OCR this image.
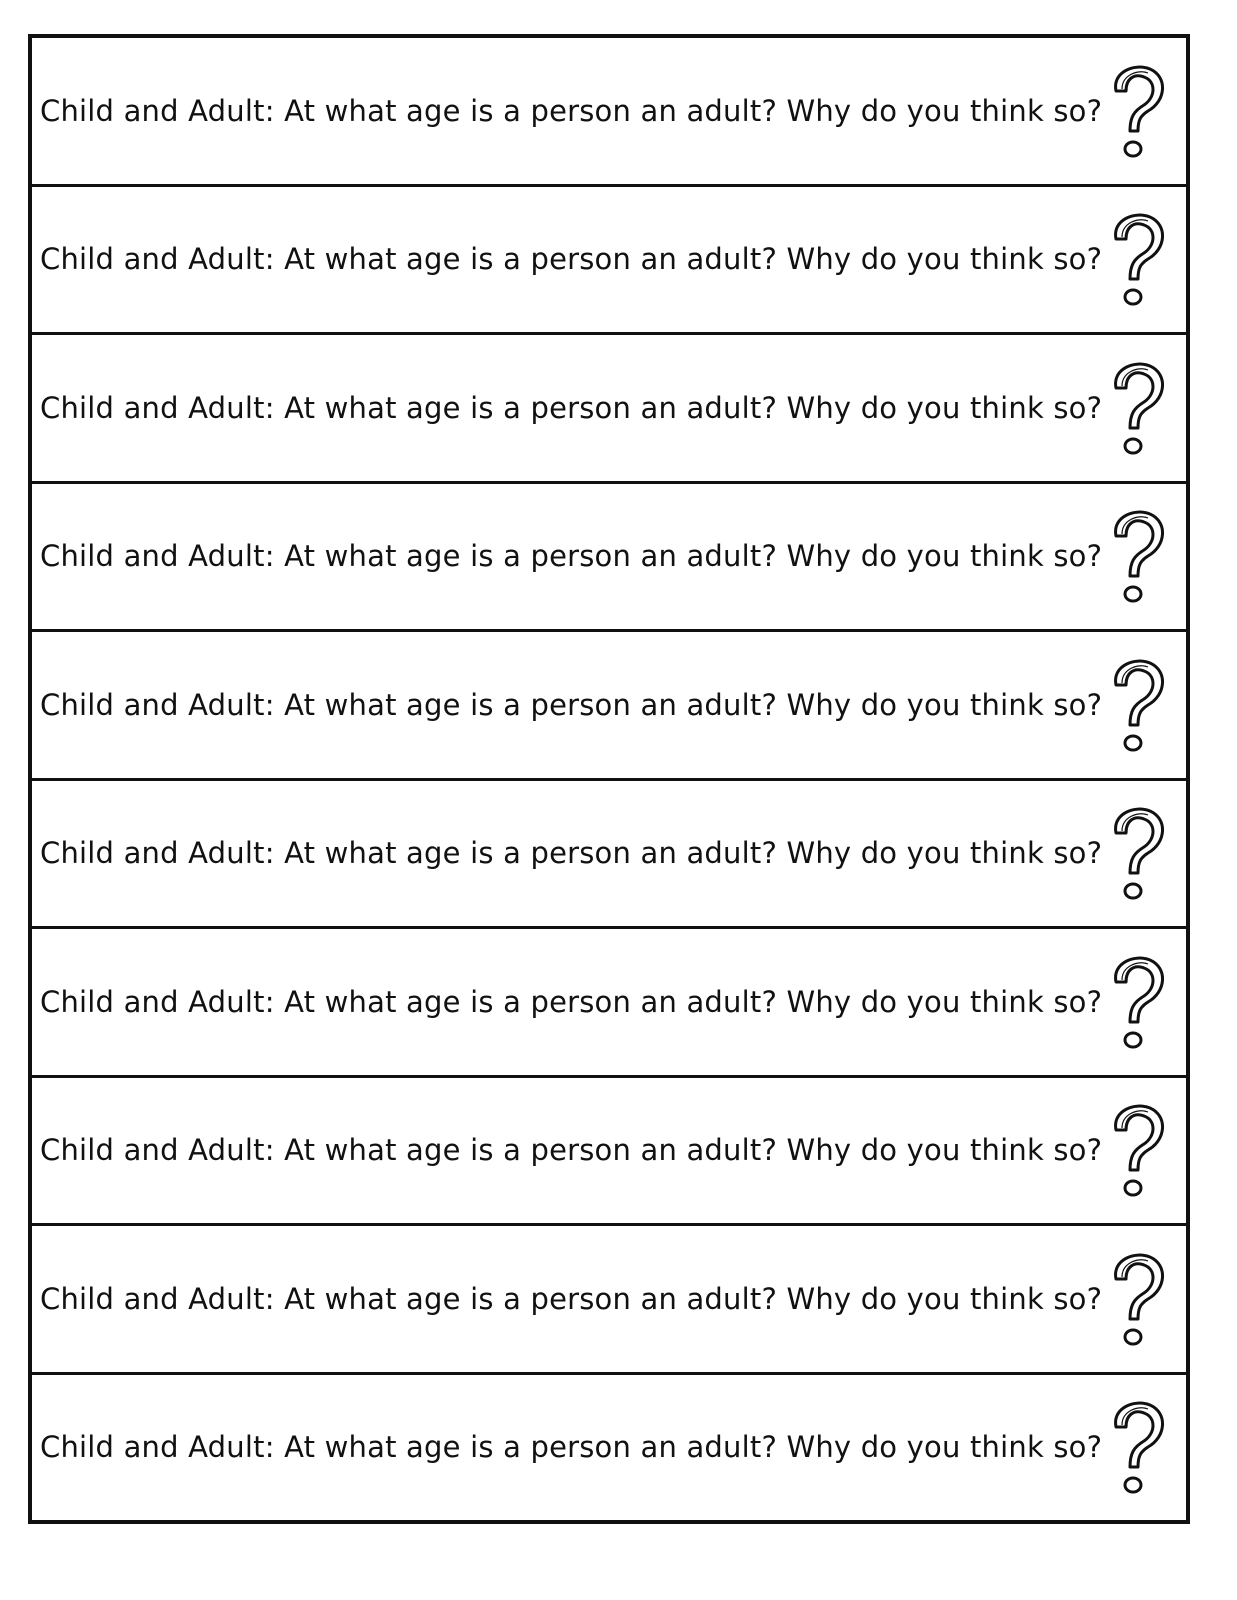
Child and Adult: At what age is a person an adult? Why do you think so?
Child and Adult: At what age is a person an adult? Why do you think so?
Child and Adult: At what age is a person an adult? Why do you think so?
Child and Adult: At what age is a person an adult? Why do you think so?
Child and Adult: At what age is a person an adult? Why do you think so?
Child and Adult: At what age is a person an adult? Why do you think so?
Child and Adult: At what age is a person an adult? Why do you think so?
Child and Adult: At what age is a person an adult? Why do you think so?
Child and Adult: At what age is a person an adult? Why do you think so?
Child and Adult: At what age is a person an adult? Why do you think so?
